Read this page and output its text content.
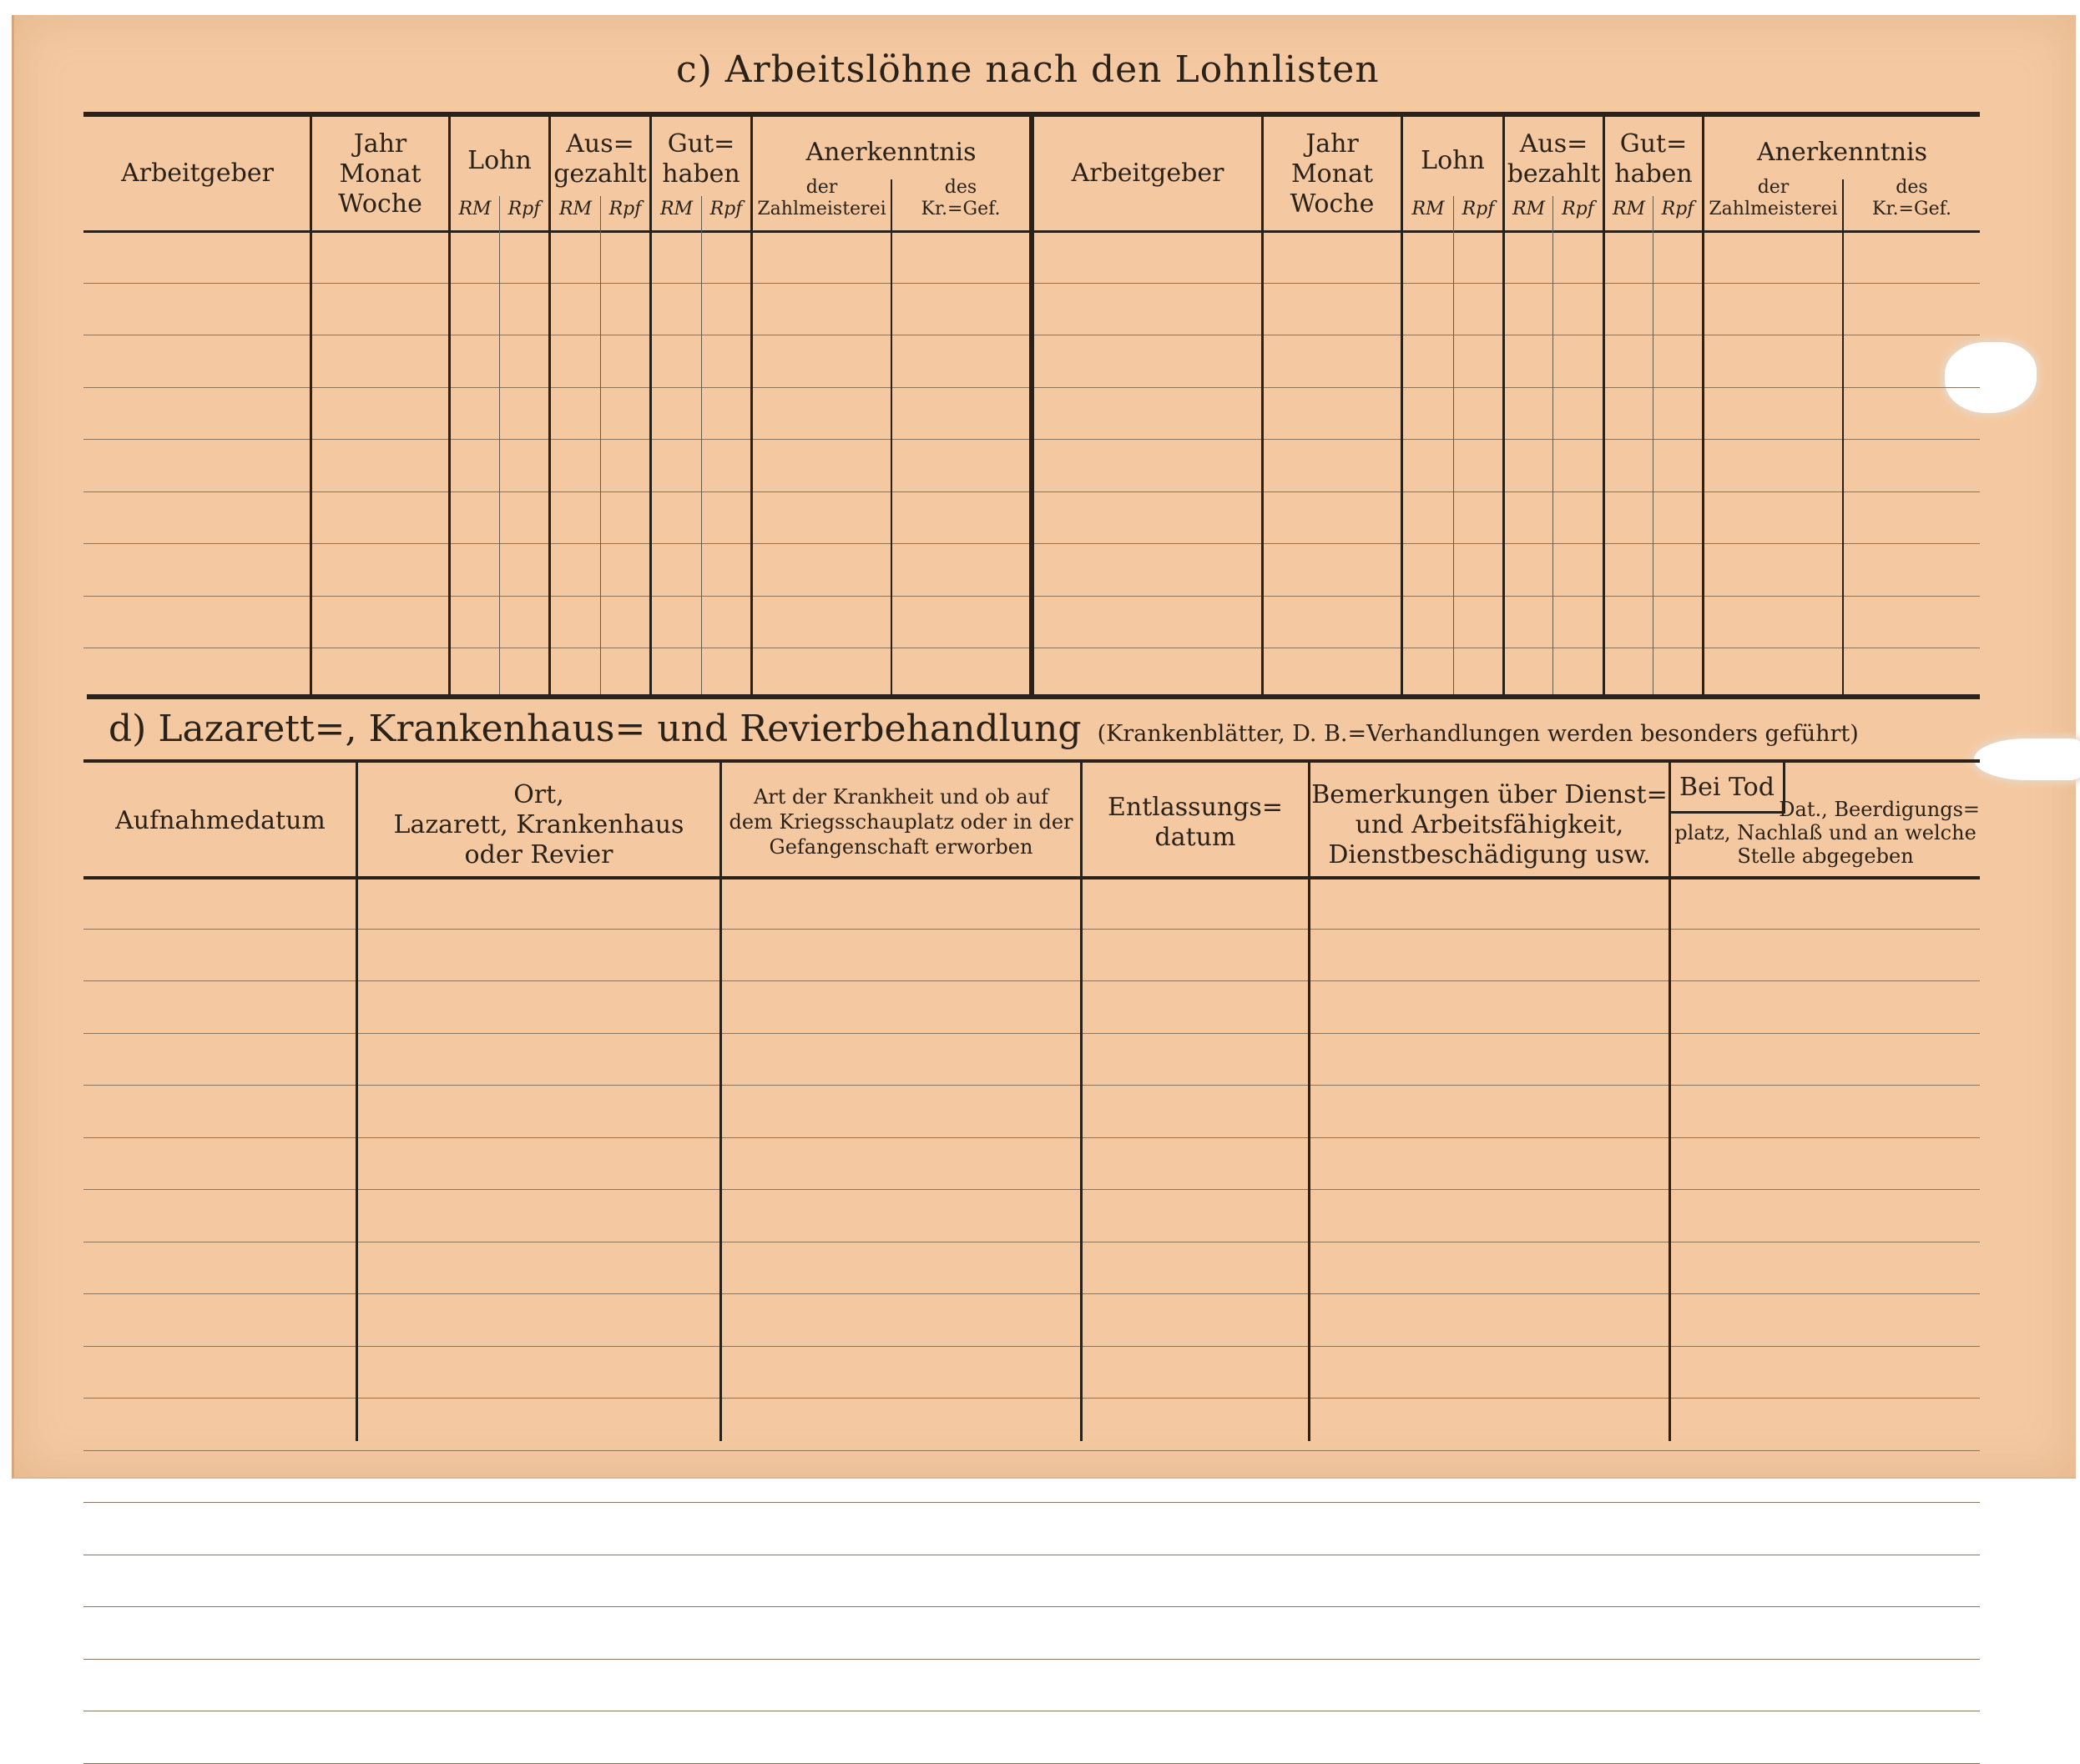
c) Arbeitslöhne nach den Lohnlisten
Arbeitgeber
Jahr
Monat
Woche
Lohn
RM Rpf
Aus=
gezahlt
RM Rpf
Gut=
haben
RM Rpf
Anerkenntnis
der
Zahlmeisterei
des
Kr.=Gef.
Arbeitgeber
Jahr
Monat
Woche
Lohn
RM Rpf
Aus=
bezahlt
RM Rpf
Gut=
haben
RM Rpf
Anerkenntnis
der
Zahlmeisterei
des
Kr.=Gef.
d) Lazarett=, Krankenhaus= und Revierbehandlung (Krankenblätter, D. B.=Verhandlungen werden besonders geführt)
Bei Tod
Aufnahmedatum
Ort,
Lazarett, Krankenhaus
oder Revier
Art der Krankheit und ob auf
dem Kriegsschauplatz oder in der
Gefangenschaft erworben
Entlassungs=
datum
Bemerkungen über Dienst=
und Arbeitsfähigkeit,
Dienstbeschädigung usw.
Dat., Beerdigungs=
platz, Nachlaß und an welche
Stelle abgegeben
